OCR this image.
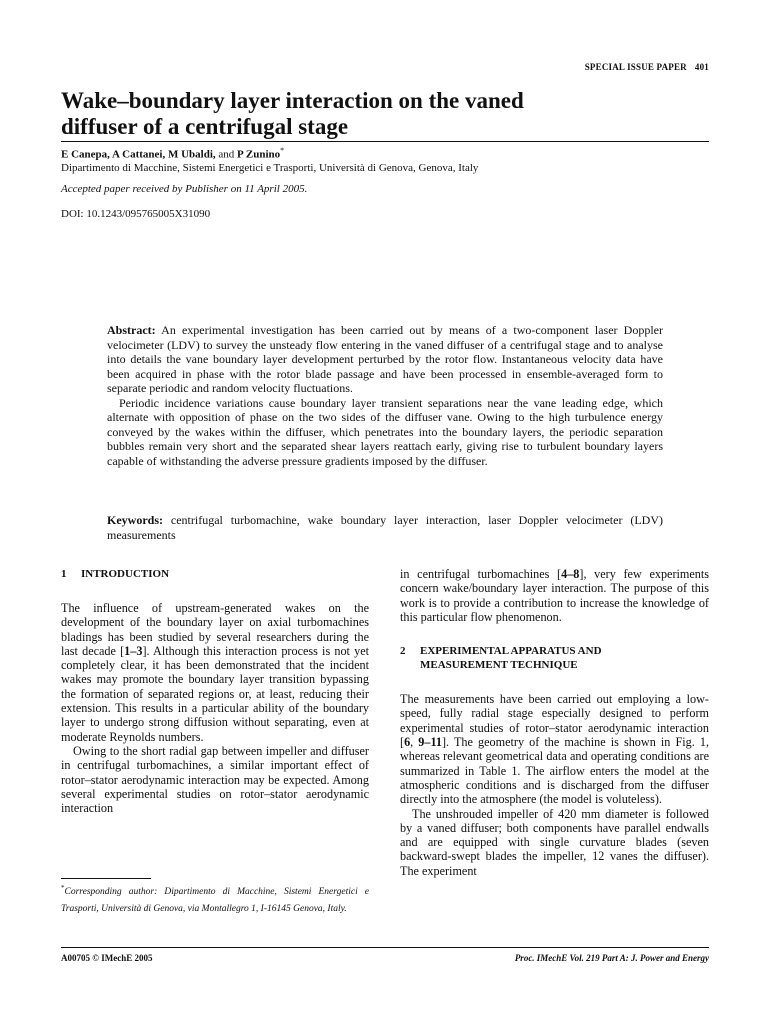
SPECIAL ISSUE PAPER 401
Wake–boundary layer interaction on the vaned
diffuser of a centrifugal stage
E Canepa, A Cattanei, M Ubaldi, and P Zunino*
Dipartimento di Macchine, Sistemi Energetici e Trasporti, Università di Genova, Genova, Italy
Accepted paper received by Publisher on 11 April 2005.
DOI: 10.1243/095765005X31090

Abstract: An experimental investigation has been carried out by means of a two-component laser Doppler velocimeter (LDV) to survey the unsteady flow entering in the vaned diffuser of a centrifugal stage and to analyse into details the vane boundary layer development perturbed by the rotor flow. Instantaneous velocity data have been acquired in phase with the rotor blade passage and have been processed in ensemble-averaged form to separate periodic and random velocity fluctuations.

Periodic incidence variations cause boundary layer transient separations near the vane leading edge, which alternate with opposition of phase on the two sides of the diffuser vane. Owing to the high turbulence energy conveyed by the wakes within the diffuser, which penetrates into the boundary layers, the periodic separation bubbles remain very short and the separated shear layers reattach early, giving rise to turbulent boundary layers capable of withstanding the adverse pressure gradients imposed by the diffuser.

Keywords: centrifugal turbomachine, wake boundary layer interaction, laser Doppler velocimeter (LDV) measurements
1	INTRODUCTION

The influence of upstream-generated wakes on the development of the boundary layer on axial turbomachines bladings has been studied by several researchers during the last decade [1–3]. Although this interaction process is not yet completely clear, it has been demonstrated that the incident wakes may promote the boundary layer transition bypassing the formation of separated regions or, at least, reducing their extension. This results in a particular ability of the boundary layer to undergo strong diffusion without separating, even at moderate Reynolds numbers.

Owing to the short radial gap between impeller and diffuser in centrifugal turbomachines, a similar important effect of rotor–stator aerodynamic interaction may be expected. Among several experimental studies on rotor–stator aerodynamic interaction

in centrifugal turbomachines [4–8], very few experiments concern wake/boundary layer interaction. The purpose of this work is to provide a contribution to increase the knowledge of this particular flow phenomenon.

2	EXPERIMENTAL APPARATUS AND
MEASUREMENT TECHNIQUE

The measurements have been carried out employing a low-speed, fully radial stage especially designed to perform experimental studies of rotor–stator aerodynamic interaction [6, 9–11]. The geometry of the machine is shown in Fig. 1, whereas relevant geometrical data and operating conditions are summarized in Table 1. The airflow enters the model at the atmospheric conditions and is discharged from the diffuser directly into the atmosphere (the model is voluteless).

The unshrouded impeller of 420 mm diameter is followed by a vaned diffuser; both components have parallel endwalls and are equipped with single curvature blades (seven backward-swept blades the impeller, 12 vanes the diffuser). The experiment

*Corresponding author: Dipartimento di Macchine, Sistemi Energetici e Trasporti, Università di Genova, via Montallegro 1, I-16145 Genova, Italy.
A00705 © IMechE 2005	Proc. IMechE Vol. 219 Part A: J. Power and Energy
